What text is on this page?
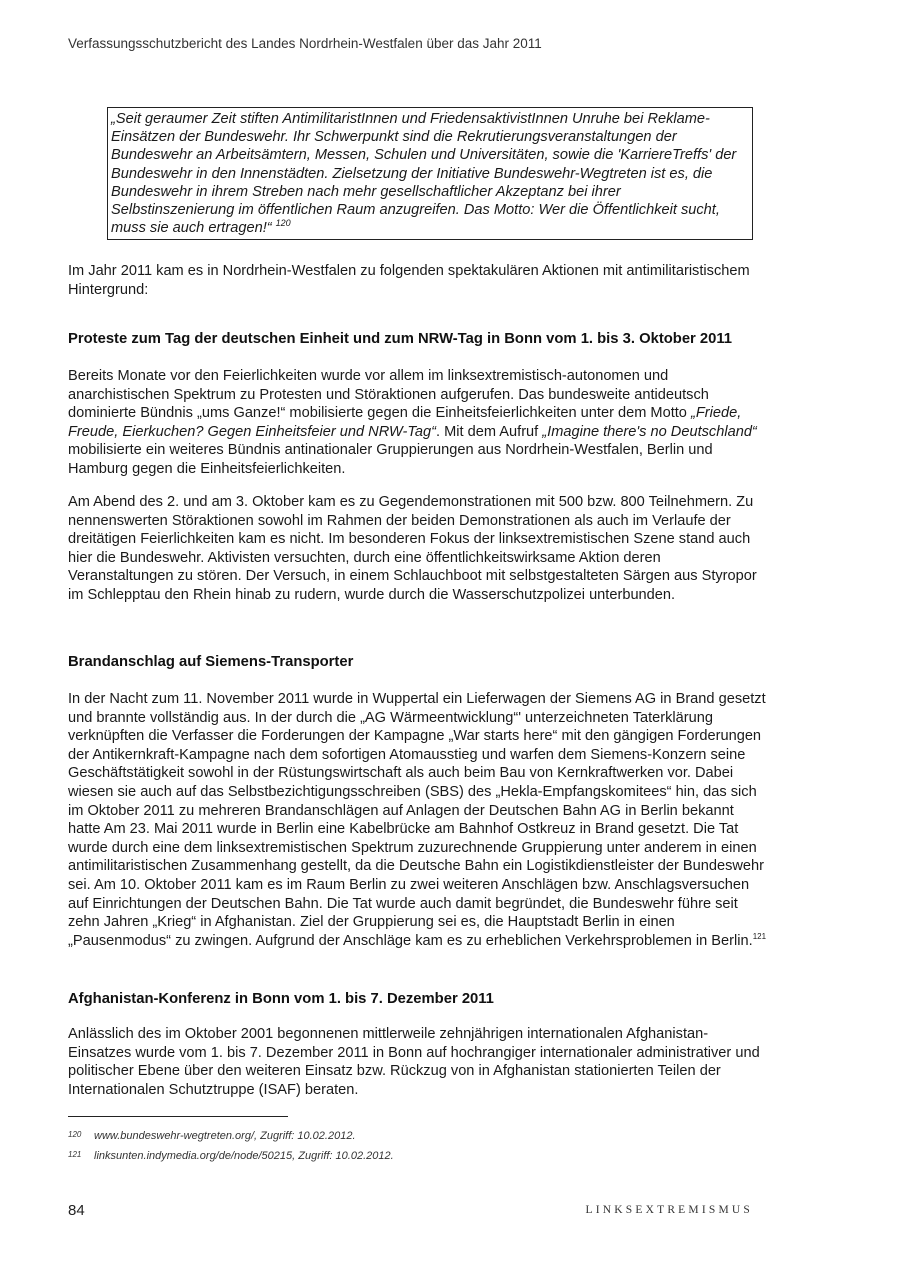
Verfassungsschutzbericht des Landes Nordrhein-Westfalen über das Jahr 2011
„Seit geraumer Zeit stiften AntimilitaristInnen und FriedensaktivistInnen Unruhe bei Reklame-Einsätzen der Bundeswehr. Ihr Schwerpunkt sind die Rekrutierungsveranstaltungen der Bundeswehr an Arbeitsämtern, Messen, Schulen und Universitäten, sowie die 'KarriereTreffs' der Bundeswehr in den Innenstädten. Zielsetzung der Initiative Bundeswehr-Wegtreten ist es, die Bundeswehr in ihrem Streben nach mehr gesellschaftlicher Akzeptanz bei ihrer Selbstinszenierung im öffentlichen Raum anzugreifen. Das Motto: Wer die Öffentlichkeit sucht, muss sie auch ertragen!“ $^{120}$

Im Jahr 2011 kam es in Nordrhein-Westfalen zu folgenden spektakulären Aktionen mit antimilitaristischem Hintergrund:

Proteste zum Tag der deutschen Einheit und zum NRW-Tag in Bonn vom 1. bis 3. Oktober 2011

Bereits Monate vor den Feierlichkeiten wurde vor allem im linksextremistisch-autonomen und anarchistischen Spektrum zu Protesten und Störaktionen aufgerufen. Das bundesweite antideutsch dominierte Bündnis „ums Ganze!“ mobilisierte gegen die Einheitsfeierlichkeiten unter dem Motto „Friede, Freude, Eierkuchen? Gegen Einheitsfeier und NRW-Tag“. Mit dem Aufruf „Imagine there's no Deutschland“ mobilisierte ein weiteres Bündnis antinationaler Gruppierungen aus Nordrhein-Westfalen, Berlin und Hamburg gegen die Einheitsfeierlichkeiten.

Am Abend des 2. und am 3. Oktober kam es zu Gegendemonstrationen mit 500 bzw. 800 Teilnehmern. Zu nennenswerten Störaktionen sowohl im Rahmen der beiden Demonstrationen als auch im Verlaufe der dreitätigen Feierlichkeiten kam es nicht. Im besonderen Fokus der linksextremistischen Szene stand auch hier die Bundeswehr. Aktivisten versuchten, durch eine öffentlichkeitswirksame Aktion deren Veranstaltungen zu stören. Der Versuch, in einem Schlauchboot mit selbstgestalteten Särgen aus Styropor im Schlepptau den Rhein hinab zu rudern, wurde durch die Wasserschutzpolizei unterbunden.

Brandanschlag auf Siemens-Transporter

In der Nacht zum 11. November 2011 wurde in Wuppertal ein Lieferwagen der Siemens AG in Brand gesetzt und brannte vollständig aus. In der durch die „AG Wärmeentwicklung“' unterzeichneten Taterklärung verknüpften die Verfasser die Forderungen der Kampagne „War starts here“ mit den gängigen Forderungen der Antikernkraft-Kampagne nach dem sofortigen Atomausstieg und warfen dem Siemens-Konzern seine Geschäftstätigkeit sowohl in der Rüstungswirtschaft als auch beim Bau von Kernkraftwerken vor. Dabei wiesen sie auch auf das Selbstbezichtigungsschreiben (SBS) des „Hekla-Empfangskomitees“ hin, das sich im Oktober 2011 zu mehreren Brandanschlägen auf Anlagen der Deutschen Bahn AG in Berlin bekannt hatte Am 23. Mai 2011 wurde in Berlin eine Kabelbrücke am Bahnhof Ostkreuz in Brand gesetzt. Die Tat wurde durch eine dem linksextremistischen Spektrum zuzurechnende Gruppierung unter anderem in einen antimilitaristischen Zusammenhang gestellt, da die Deutsche Bahn ein Logistikdienstleister der Bundeswehr sei. Am 10. Oktober 2011 kam es im Raum Berlin zu zwei weiteren Anschlägen bzw. Anschlagsversuchen auf Einrichtungen der Deutschen Bahn. Die Tat wurde auch damit begründet, die Bundeswehr führe seit zehn Jahren „Krieg“ in Afghanistan. Ziel der Gruppierung sei es, die Hauptstadt Berlin in einen „Pausenmodus“ zu zwingen. Aufgrund der Anschläge kam es zu erheblichen Verkehrsproblemen in Berlin.$^{121}$

Afghanistan-Konferenz in Bonn vom 1. bis 7. Dezember 2011

Anlässlich des im Oktober 2001 begonnenen mittlerweile zehnjährigen internationalen Afghanistan-Einsatzes wurde vom 1. bis 7. Dezember 2011 in Bonn auf hochrangiger internationaler administrativer und politischer Ebene über den weiteren Einsatz bzw. Rückzug von in Afghanistan stationierten Teilen der Internationalen Schutztruppe (ISAF) beraten.

120 www.bundeswehr-wegtreten.org/, Zugriff: 10.02.2012.
121 linksunten.indymedia.org/de/node/50215, Zugriff: 10.02.2012.
84	LINKSEXTREMISMUS
